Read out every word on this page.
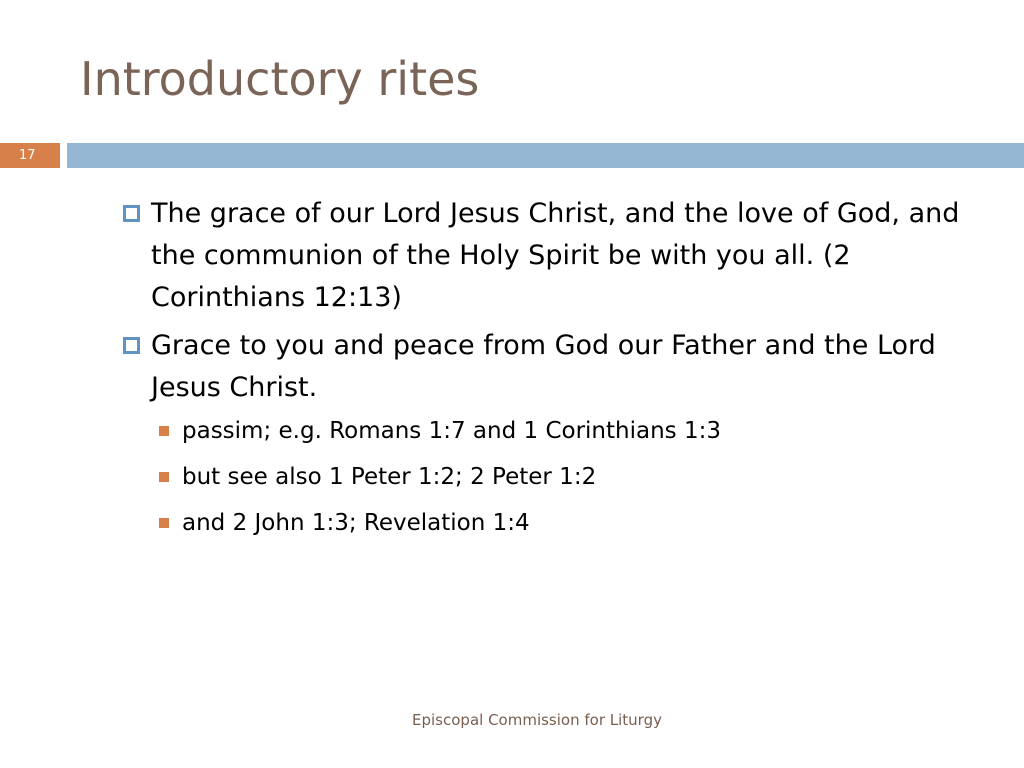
Introductory rites
17
The grace of our Lord Jesus Christ, and the love of God, and the communion of the Holy Spirit be with you all. (2 Corinthians 12:13)
Grace to you and peace from God our Father and the Lord Jesus Christ.
passim; e.g. Romans 1:7 and 1 Corinthians 1:3
but see also 1 Peter 1:2; 2 Peter 1:2
and 2 John 1:3; Revelation 1:4
Episcopal Commission for Liturgy
